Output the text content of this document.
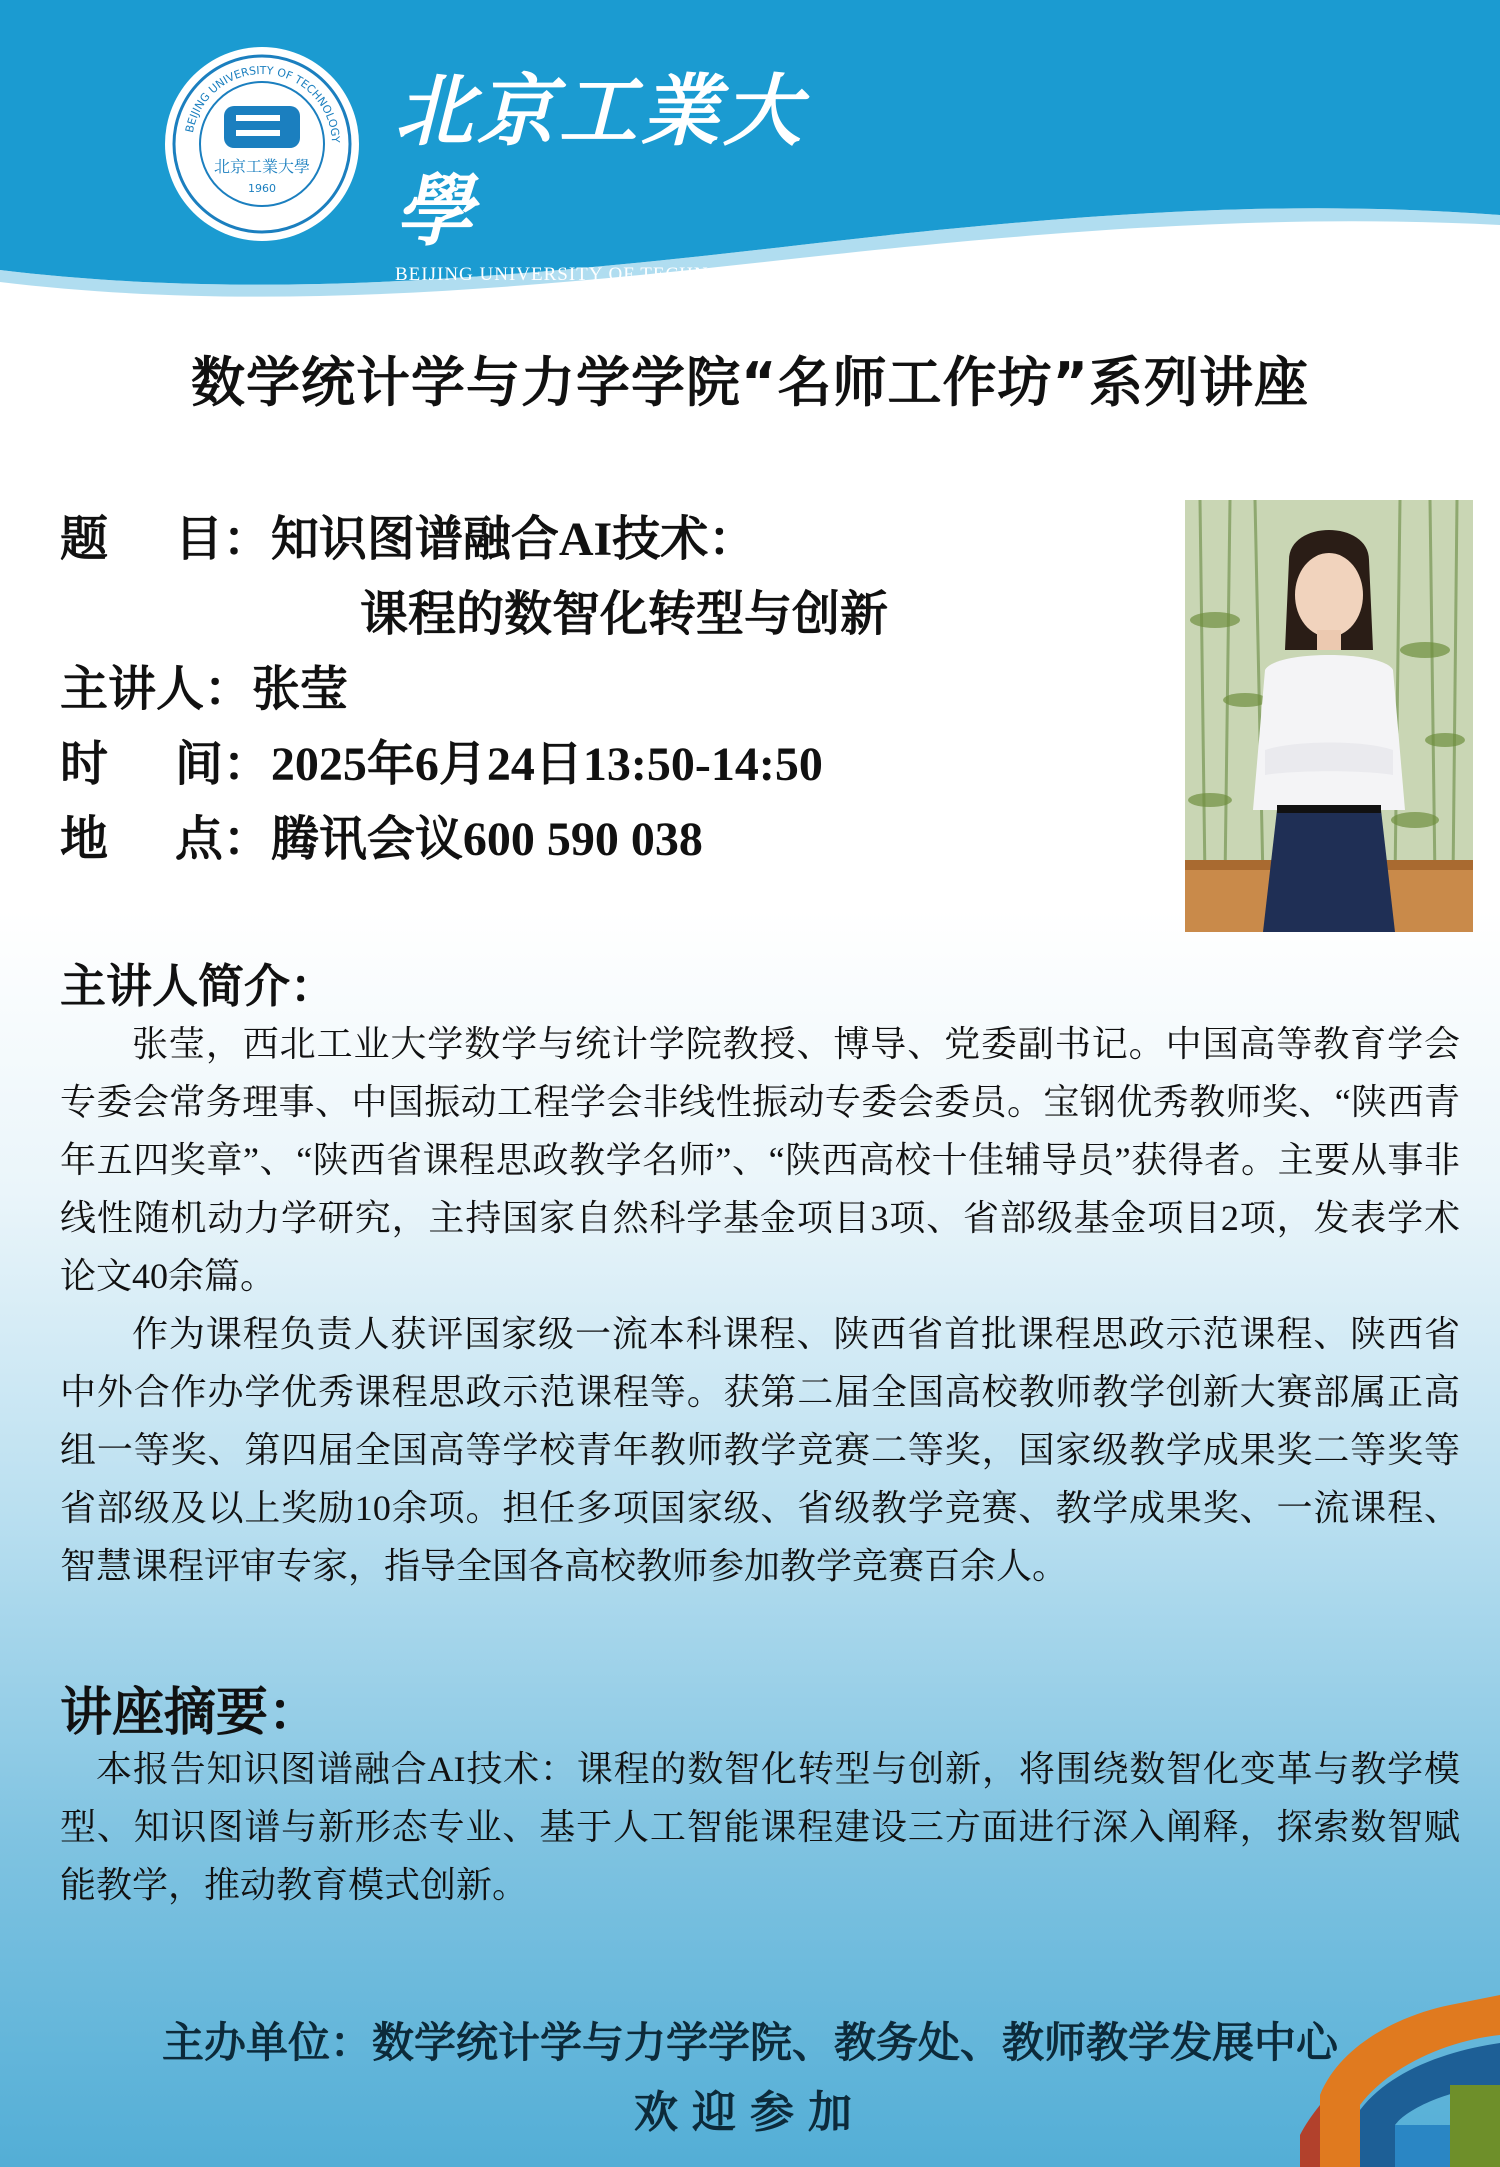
北京工業大學
1960
BEIJING UNIVERSITY OF TECHNOLOGY 北京工業大學
BEIJING UNIVERSITY OF TECHNOLOGY
数学统计学与力学学院“名师工作坊”系列讲座
题    目：知识图谱融合AI技术：
课程的数智化转型与创新
主讲人：张莹
时    间：2025年6月24日13:50-14:50
地    点：腾讯会议600 590 038
主讲人简介：

张莹，西北工业大学数学与统计学院教授、博导、党委副书记。中国高等教育学会专委会常务理事、中国振动工程学会非线性振动专委会委员。宝钢优秀教师奖、“陕西青年五四奖章”、“陕西省课程思政教学名师”、“陕西高校十佳辅导员”获得者。主要从事非线性随机动力学研究，主持国家自然科学基金项目3项、省部级基金项目2项，发表学术论文40余篇。

作为课程负责人获评国家级一流本科课程、陕西省首批课程思政示范课程、陕西省中外合作办学优秀课程思政示范课程等。获第二届全国高校教师教学创新大赛部属正高组一等奖、第四届全国高等学校青年教师教学竞赛二等奖，国家级教学成果奖二等奖等省部级及以上奖励10余项。担任多项国家级、省级教学竞赛、教学成果奖、一流课程、智慧课程评审专家，指导全国各高校教师参加教学竞赛百余人。

讲座摘要：

本报告知识图谱融合AI技术：课程的数智化转型与创新，将围绕数智化变革与教学模型、知识图谱与新形态专业、基于人工智能课程建设三方面进行深入阐释，探索数智赋能教学，推动教育模式创新。

主办单位：数学统计学与力学学院、教务处、教师教学发展中心
欢迎参加
